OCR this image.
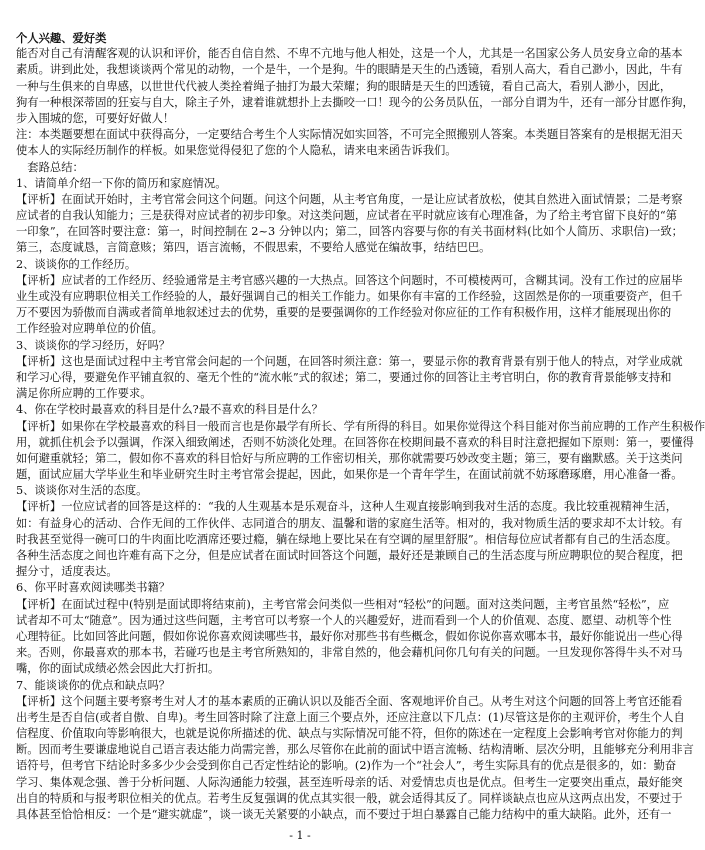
个人兴趣、爱好类
能否对自己有清醒客观的认识和评价，能否自信自然、不卑不亢地与他人相处，这是一个人，尤其是一名国家公务人员安身立命的基本
素质。讲到此处，我想谈谈两个常见的动物，一个是牛，一个是狗。牛的眼睛是天生的凸透镜，看别人高大，看自己渺小，因此，牛有
一种与生俱来的自卑感，以世世代代被人类拴着绳子抽打为最大荣耀；狗的眼睛是天生的凹透镜，看自己高大，看别人渺小，因此，
狗有一种根深蒂固的狂妄与自大，除主子外，逮着谁就想扑上去撕咬一口！现今的公务员队伍，一部分自谓为牛，还有一部分甘愿作狗，
步入围城的您，可要好好做人！
注：本类题要想在面试中获得高分，一定要结合考生个人实际情况如实回答，不可完全照搬别人答案。本类题目答案有的是根据无泪天
使本人的实际经历制作的样板。如果您觉得侵犯了您的个人隐私，请来电来函告诉我们。
　套路总结：
1、请简单介绍一下你的简历和家庭情况。
【评析】在面试开始时，主考官常会问这个问题。问这个问题，从主考官角度，一是让应试者放松，使其自然进入面试情景；二是考察
应试者的自我认知能力；三是获得对应试者的初步印象。对这类问题，应试者在平时就应该有心理准备，为了给主考官留下良好的“第
一印象”，在回答时要注意：第一，时间控制在 2~3 分钟以内；第二，回答内容要与你的有关书面材料(比如个人简历、求职信)一致；
第三，态度诚恳，言简意赅；第四，语言流畅，不假思索，不要给人感觉在编故事，结结巴巴。
2、谈谈你的工作经历。
【评析】应试者的工作经历、经验通常是主考官感兴趣的一大热点。回答这个问题时，不可模棱两可，含糊其词。没有工作过的应届毕
业生或没有应聘职位相关工作经验的人，最好强调自己的相关工作能力。如果你有丰富的工作经验，这固然是你的一项重要资产，但千
万不要因为骄傲而自满或者简单地叙述过去的优势，重要的是要强调你的工作经验对你应征的工作有积极作用，这样才能展现出你的
工作经验对应聘单位的价值。
3、谈谈你的学习经历，好吗？
【评析】这也是面试过程中主考官常会问起的一个问题，在回答时须注意：第一，要显示你的教育背景有别于他人的特点，对学业成就
和学习心得，要避免作平铺直叙的、毫无个性的“流水帐”式的叙述；第二，要通过你的回答让主考官明白，你的教育背景能够支持和
满足你所应聘的工作要求。
4、你在学校时最喜欢的科目是什么?最不喜欢的科目是什么？
【评析】如果你在学校最喜欢的科目一般而言也是你最学有所长、学有所得的科目。如果你觉得这个科目能对你当前应聘的工作产生积极作
用，就抓住机会予以强调，作深入细致阐述，否则不妨淡化处理。在回答你在校期间最不喜欢的科目时注意把握如下原则：第一，要懂得
如何避重就轻；第二，假如你不喜欢的科目恰好与所应聘的工作密切相关，那你就需要巧妙改变主题；第三，要有幽默感。关于这类问
题，面试应届大学毕业生和毕业研究生时主考官常会提起，因此，如果你是一个青年学生，在面试前就不妨琢磨琢磨，用心准备一番。
5、谈谈你对生活的态度。
【评析】一位应试者的回答是这样的：“我的人生观基本是乐观奋斗，这种人生观直接影响到我对生活的态度。我比较重视精神生活，
如：有益身心的活动、合作无间的工作伙伴、志同道合的朋友、温馨和谐的家庭生活等。相对的，我对物质生活的要求却不太计较。有
时我甚至觉得一碗可口的牛肉面比吃酒席还要过瘾，躺在绿地上要比呆在有空调的屋里舒服”。相信每位应试者都有自己的生活态度。
各种生活态度之间也许难有高下之分，但是应试者在面试时回答这个问题，最好还是兼顾自己的生活态度与所应聘职位的契合程度，把
握分寸，适度表达。
6、你平时喜欢阅读哪类书籍？
【评析】在面试过程中(特别是面试即将结束前)，主考官常会问类似一些相对“轻松”的问题。面对这类问题，主考官虽然“轻松”，应
试者却不可太“随意”。因为通过这些问题，主考官可以考察一个人的兴趣爱好，进而看到一个人的价值观、态度、愿望、动机等个性
心理特征。比如回答此问题，假如你说你喜欢阅读哪些书，最好你对那些书有些概念，假如你说你喜欢哪本书，最好你能说出一些心得
来。否则，你最喜欢的那本书，若碰巧也是主考官所熟知的，非常自然的，他会藉机问你几句有关的问题。一旦发现你答得牛头不对马
嘴，你的面试成绩必然会因此大打折扣。
7、能谈谈你的优点和缺点吗？
【评析】这个问题主要考察考生对人才的基本素质的正确认识以及能否全面、客观地评价自己。从考生对这个问题的回答上考官还能看
出考生是否自信(或者自傲、自卑)。考生回答时除了注意上面三个要点外，还应注意以下几点：(1)尽管这是你的主观评价，考生个人自
信程度、价值取向等影响很大，也就是说你所描述的优、缺点与实际情况可能不符，但你的陈述在一定程度上会影响考官对你能力的判
断。因而考生要谦虚地说自己语言表达能力尚需完善，那么尽管你在此前的面试中语言流畅、结构清晰、层次分明，且能够充分利用非言
语符号，但考官下结论时多多少少会受到你自己否定性结论的影响。(2)作为一个“社会人”，考生实际具有的优点是很多的，如：勤奋
学习、集体观念强、善于分析问题、人际沟通能力较强，甚至连听母亲的话、对爱情忠贞也是优点。但考生一定要突出重点，最好能突
出自的特质和与报考职位相关的优点。若考生反复强调的优点其实很一般，就会适得其反了。同样谈缺点也应从这两点出发，不要过于
具体甚至恰恰相反：一个是“避实就虚”，谈一谈无关紧要的小缺点，而不要过于坦白暴露自己能力结构中的重大缺陷。此外，还有一
- 1 -
